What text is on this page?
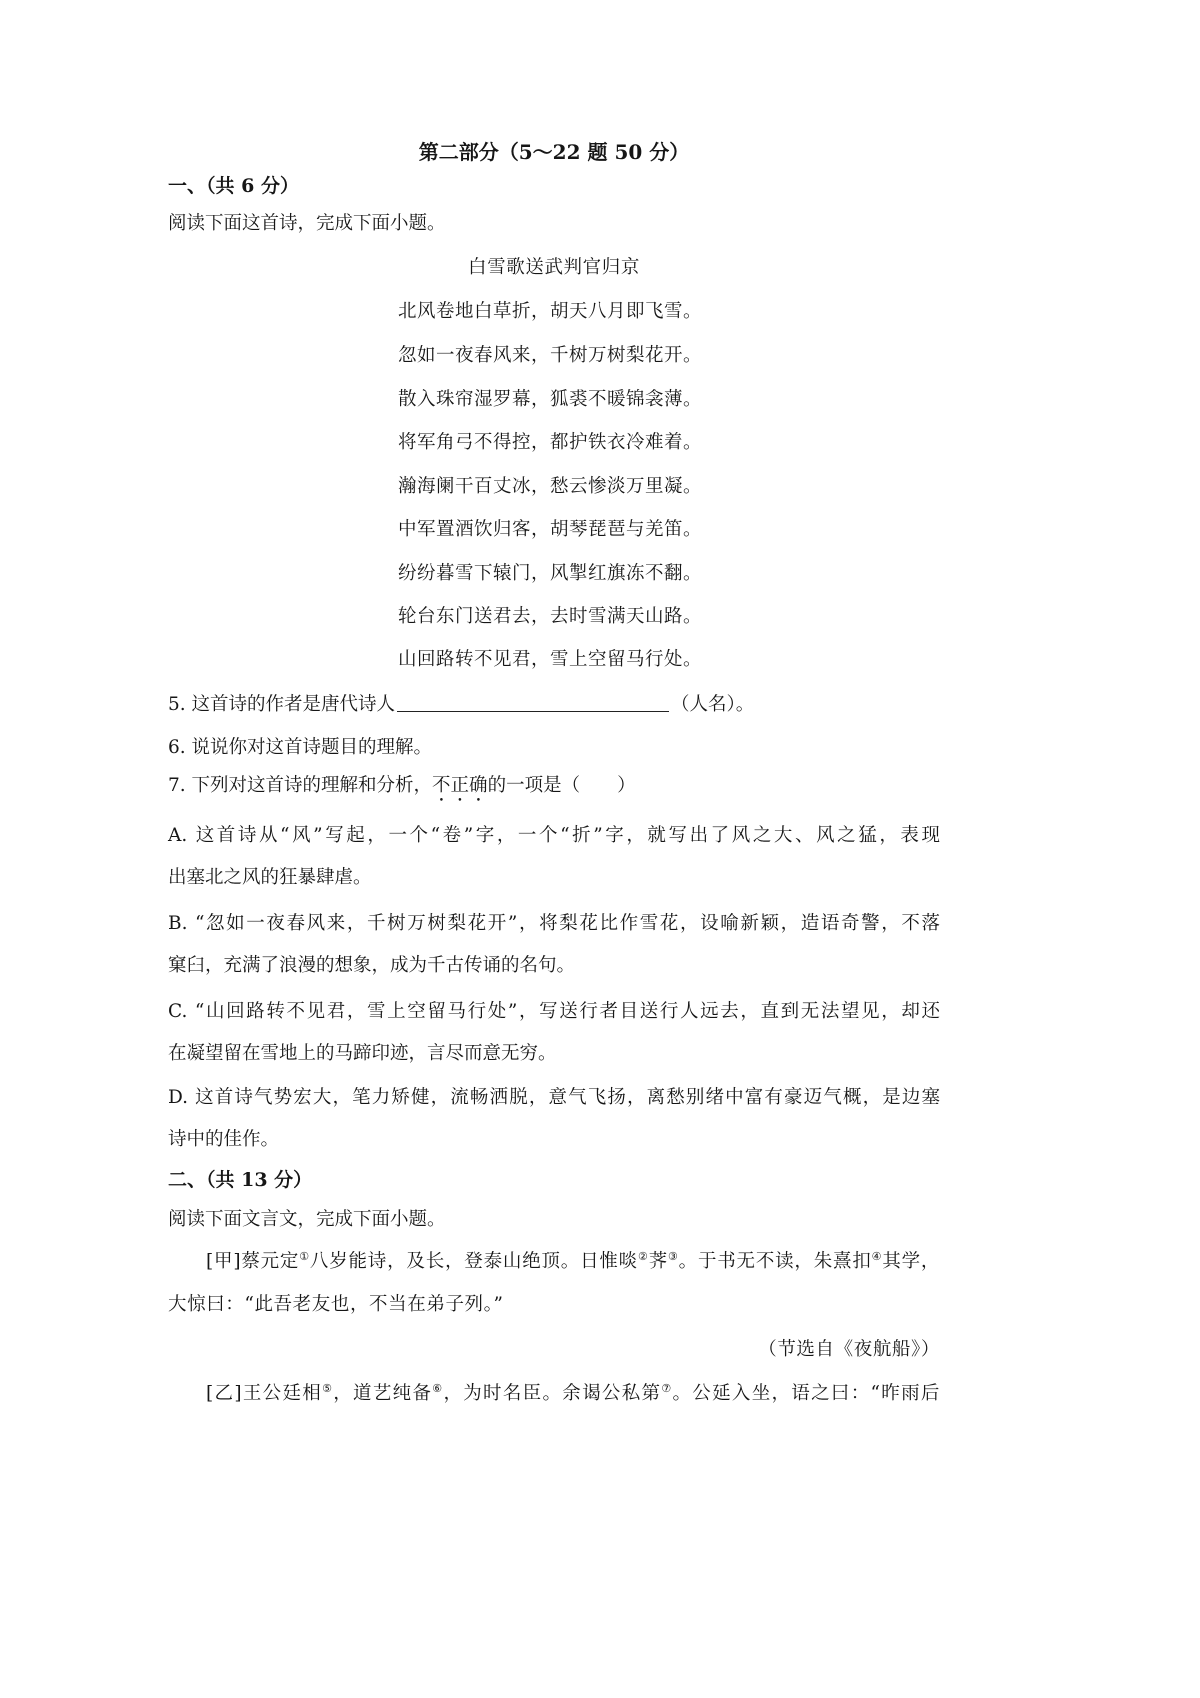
第二部分（5～22 题 50 分）
一、（共 6 分）
阅读下面这首诗，完成下面小题。
白雪歌送武判官归京
北风卷地白草折，胡天八月即飞雪。
忽如一夜春风来，千树万树梨花开。
散入珠帘湿罗幕，狐裘不暖锦衾薄。
将军角弓不得控，都护铁衣冷难着。
瀚海阑干百丈冰，愁云惨淡万里凝。
中军置酒饮归客，胡琴琵琶与羌笛。
纷纷暮雪下辕门，风掣红旗冻不翻。
轮台东门送君去，去时雪满天山路。
山回路转不见君，雪上空留马行处。
5. 这首诗的作者是唐代诗人	（人名）。
6. 说说你对这首诗题目的理解。
7. 下列对这首诗的理解和分析，不正确的一项是（　　）
A. 这首诗从“风”写起，一个“卷”字，一个“折”字，就写出了风之大、风之猛，表现
出塞北之风的狂暴肆虐。
B. “忽如一夜春风来，千树万树梨花开”，将梨花比作雪花，设喻新颖，造语奇警，不落
窠臼，充满了浪漫的想象，成为千古传诵的名句。
C. “山回路转不见君，雪上空留马行处”，写送行者目送行人远去，直到无法望见，却还
在凝望留在雪地上的马蹄印迹，言尽而意无穷。
D. 这首诗气势宏大，笔力矫健，流畅洒脱，意气飞扬，离愁别绪中富有豪迈气概，是边塞
诗中的佳作。
二、（共 13 分）
阅读下面文言文，完成下面小题。
[甲]蔡元定①八岁能诗，及长，登泰山绝顶。日惟啖②荠③。于书无不读，朱熹扣④其学，
大惊曰：“此吾老友也，不当在弟子列。”
（节选自《夜航船》）
[乙]王公廷相⑤，道艺纯备⑥，为时名臣。余谒公私第⑦。公延入坐，语之曰：“昨雨后
